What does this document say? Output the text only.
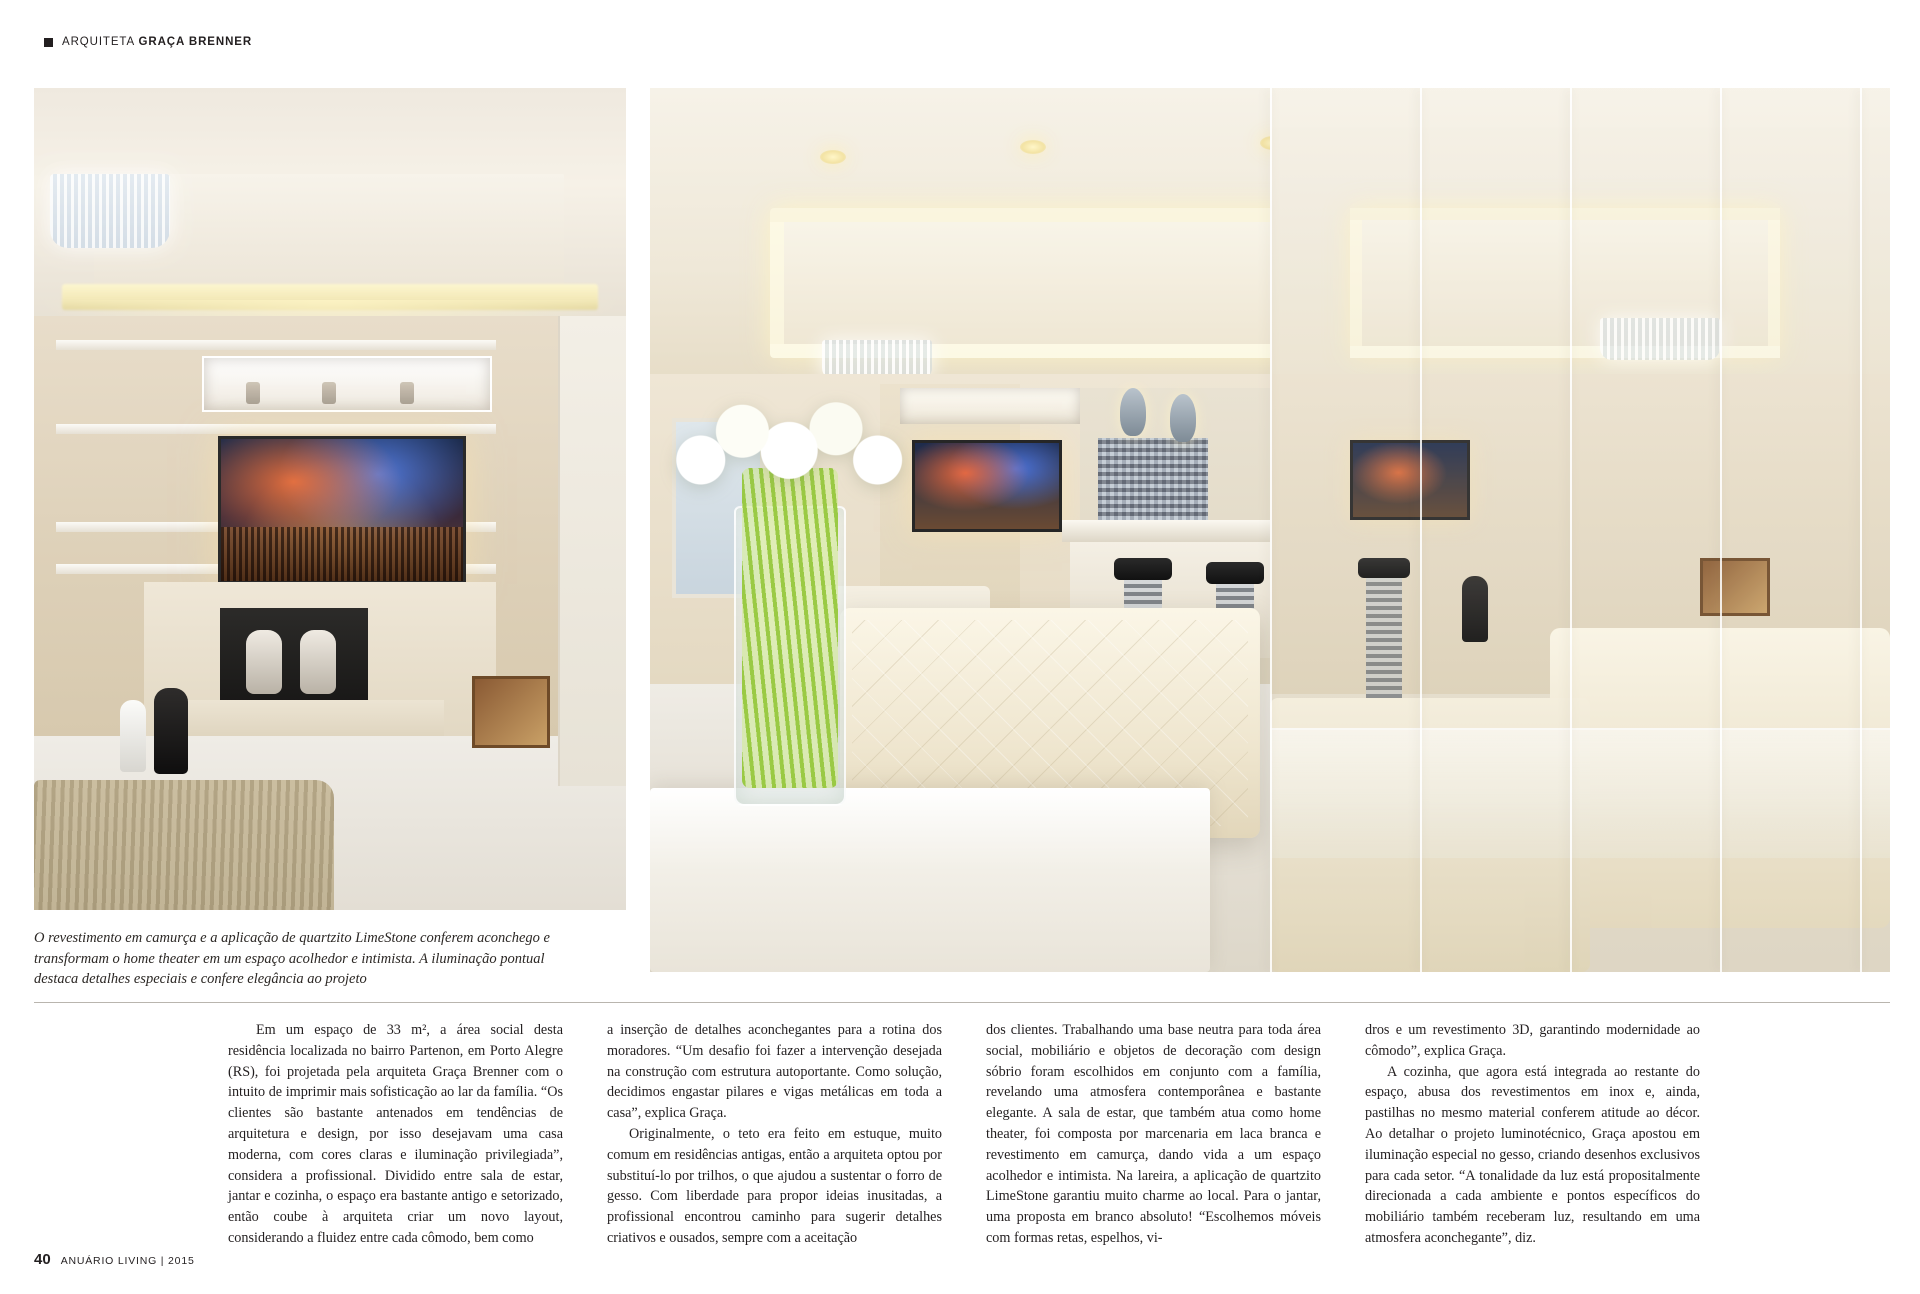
ARQUITETA GRAÇA BRENNER
O revestimento em camurça e a aplicação de quartzito LimeStone conferem aconchego e transformam o home theater em um espaço acolhedor e intimista. A iluminação pontual destaca detalhes especiais e confere elegância ao projeto

Em um espaço de 33 m², a área social desta residência localizada no bairro Partenon, em Porto Alegre (RS), foi projetada pela arquiteta Graça Brenner com o intuito de imprimir mais sofisticação ao lar da família. “Os clientes são bastante antenados em tendências de arquitetura e design, por isso desejavam uma casa moderna, com cores claras e iluminação privilegiada”, considera a profissional. Dividido entre sala de estar, jantar e cozinha, o espaço era bastante antigo e setorizado, então coube à arquiteta criar um novo layout, considerando a fluidez entre cada cômodo, bem como

a inserção de detalhes aconchegantes para a rotina dos moradores. “Um desafio foi fazer a intervenção desejada na construção com estrutura autoportante. Como solução, decidimos engastar pilares e vigas metálicas em toda a casa”, explica Graça.

Originalmente, o teto era feito em estuque, muito comum em residências antigas, então a arquiteta optou por substituí-lo por trilhos, o que ajudou a sustentar o forro de gesso. Com liberdade para propor ideias inusitadas, a profissional encontrou caminho para sugerir detalhes criativos e ousados, sempre com a aceitação

dos clientes. Trabalhando uma base neutra para toda área social, mobiliário e objetos de decoração com design sóbrio foram escolhidos em conjunto com a família, revelando uma atmosfera contemporânea e bastante elegante. A sala de estar, que também atua como home theater, foi composta por marcenaria em laca branca e revestimento em camurça, dando vida a um espaço acolhedor e intimista. Na lareira, a aplicação de quartzito LimeStone garantiu muito charme ao local. Para o jantar, uma proposta em branco absoluto! “Escolhemos móveis com formas retas, espelhos, vi-

dros e um revestimento 3D, garantindo modernidade ao cômodo”, explica Graça.

A cozinha, que agora está integrada ao restante do espaço, abusa dos revestimentos em inox e, ainda, pastilhas no mesmo material conferem atitude ao décor. Ao detalhar o projeto luminotécnico, Graça apostou em iluminação especial no gesso, criando desenhos exclusivos para cada setor. “A tonalidade da luz está propositalmente direcionada a cada ambiente e pontos específicos do mobiliário também receberam luz, resultando em uma atmosfera aconchegante”, diz.

40 ANUÁRIO LIVING | 2015
